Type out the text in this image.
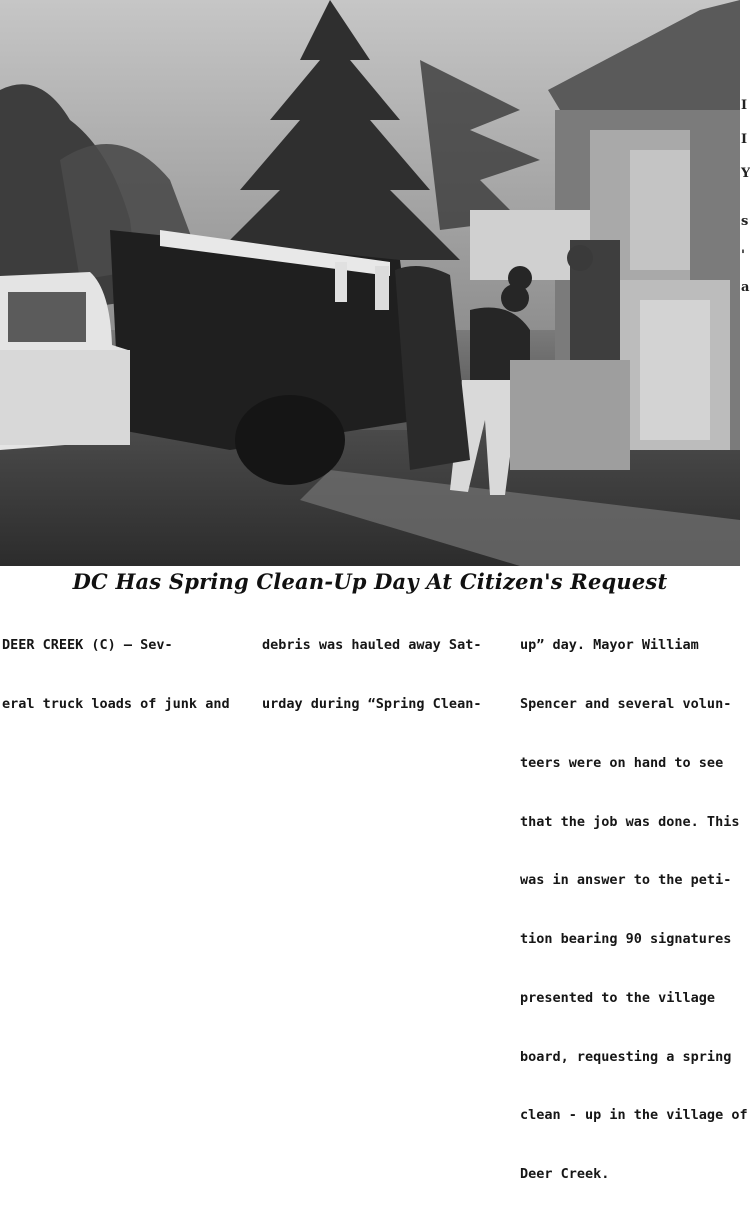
I
I
Y
s
'
a
DC Has Spring Clean-Up Day At Citizen's Request

DEER CREEK (C) — Sev-

eral truck loads of junk and

debris was hauled away Sat-

urday during “Spring Clean-

up” day. Mayor William

Spencer and several volun-

teers were on hand to see

that the job was done. This

was in answer to the peti-

tion bearing 90 signatures

presented to the village

board, requesting a spring

clean - up in the village of

Deer Creek.
